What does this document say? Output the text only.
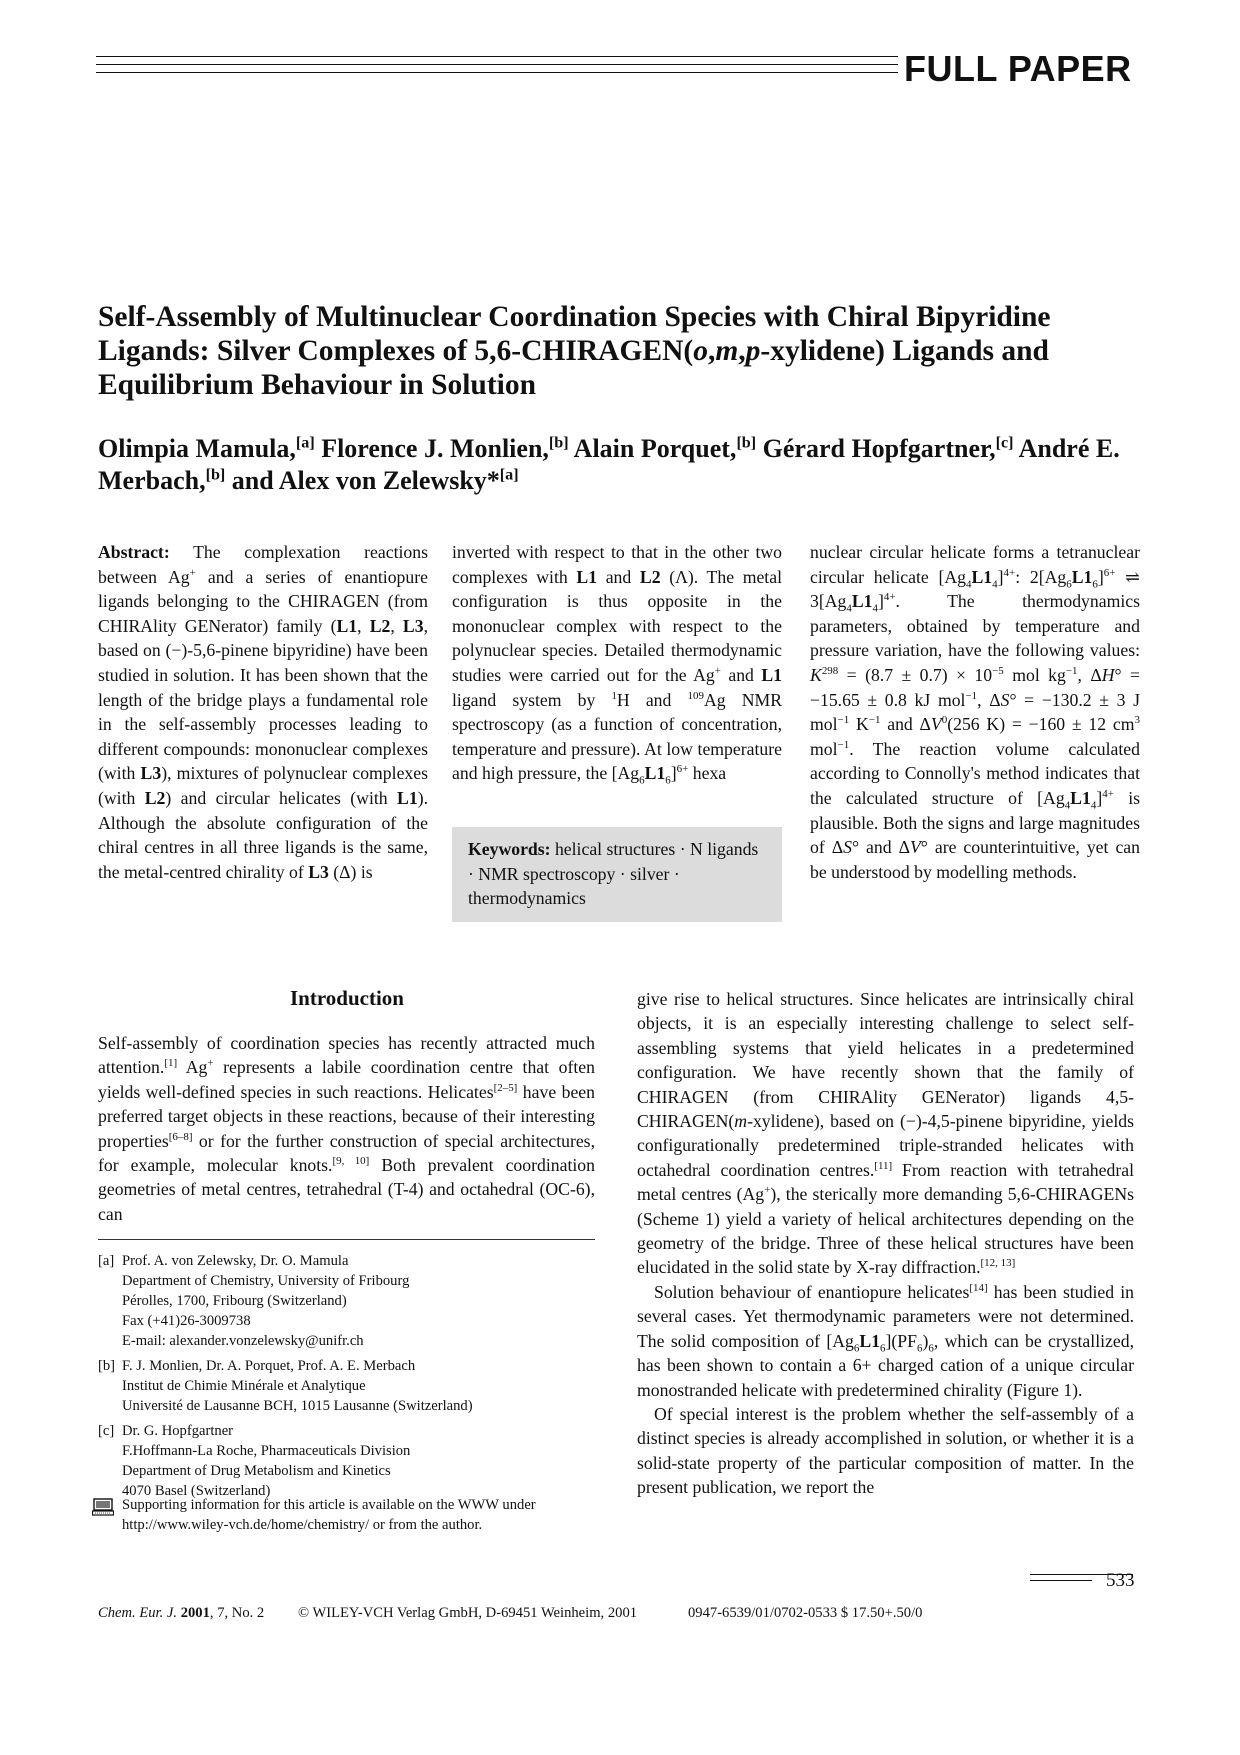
FULL PAPER
Self-Assembly of Multinuclear Coordination Species with Chiral Bipyridine Ligands: Silver Complexes of 5,6-CHIRAGEN(o,m,p-xylidene) Ligands and Equilibrium Behaviour in Solution
Olimpia Mamula,[a] Florence J. Monlien,[b] Alain Porquet,[b] Gérard Hopfgartner,[c] André E. Merbach,[b] and Alex von Zelewsky*[a]

Abstract: The complexation reactions between Ag+ and a series of enantiopure ligands belonging to the CHIRAGEN (from CHIRAlity GENerator) family (L1, L2, L3, based on (−)-5,6-pinene bipyridine) have been studied in solution. It has been shown that the length of the bridge plays a fundamental role in the self-assembly processes leading to different compounds: mononuclear complexes (with L3), mixtures of polynuclear complexes (with L2) and circular helicates (with L1). Although the absolute configuration of the chiral centres in all three ligands is the same, the metal-centred chirality of L3 (Δ) is

inverted with respect to that in the other two complexes with L1 and L2 (Λ). The metal configuration is thus opposite in the mononuclear complex with respect to the polynuclear species. Detailed thermodynamic studies were carried out for the Ag+ and L1 ligand system by $^1$H and $^{109}$Ag NMR spectroscopy (as a function of concentration, temperature and pressure). At low temperature and high pressure, the $[Ag_6L1_6]^{6+}$ hexa

Keywords: helical structures · N ligands · NMR spectroscopy · silver · thermodynamics

nuclear circular helicate forms a tetranuclear circular helicate $[Ag_4L1_4]^{4+}$: $2[Ag_6L1_6]^{6+}$ ⇌ $3[Ag_4L1_4]^{4+}$. The thermodynamics parameters, obtained by temperature and pressure variation, have the following values: $K^{298} = (8.7 \pm 0.7) \times 10^{-5}$ mol $kg^{-1}$, ΔH° = −15.65 ± 0.8 kJ mol$^{-1}$, ΔS° = −130.2 ± 3 J mol$^{-1}$ $K^{-1}$ and $\Delta V^0(256$ K) = −160 ± 12 $cm^3$ mol$^{-1}$. The reaction volume calculated according to Connolly's method indicates that the calculated structure of $[Ag_4L1_4]^{4+}$ is plausible. Both the signs and large magnitudes of ΔS° and ΔV° are counterintuitive, yet can be understood by modelling methods.

Introduction

Self-assembly of coordination species has recently attracted much attention.[1] Ag+ represents a labile coordination centre that often yields well-defined species in such reactions. Helicates[2–5] have been preferred target objects in these reactions, because of their interesting properties[6–8] or for the further construction of special architectures, for example, molecular knots.[9, 10] Both prevalent coordination geometries of metal centres, tetrahedral (T-4) and octahedral (OC-6), can

[a] Prof. A. von Zelewsky, Dr. O. Mamula
Department of Chemistry, University of Fribourg
Pérolles, 1700, Fribourg (Switzerland)
Fax (+41)26-3009738
E-mail: alexander.vonzelewsky@unifr.ch
[b] F. J. Monlien, Dr. A. Porquet, Prof. A. E. Merbach
Institut de Chimie Minérale et Analytique
Université de Lausanne BCH, 1015 Lausanne (Switzerland)
[c] Dr. G. Hopfgartner
F.Hoffmann-La Roche, Pharmaceuticals Division
Department of Drug Metabolism and Kinetics
4070 Basel (Switzerland)
Supporting information for this article is available on the WWW under http://www.wiley-vch.de/home/chemistry/ or from the author.

give rise to helical structures. Since helicates are intrinsically chiral objects, it is an especially interesting challenge to select self-assembling systems that yield helicates in a predetermined configuration. We have recently shown that the family of CHIRAGEN (from CHIRAlity GENerator) ligands 4,5-CHIRAGEN(m-xylidene), based on (−)-4,5-pinene bipyridine, yields configurationally predetermined triple-stranded helicates with octahedral coordination centres.[11] From reaction with tetrahedral metal centres (Ag+), the sterically more demanding 5,6-CHIRAGENs (Scheme 1) yield a variety of helical architectures depending on the geometry of the bridge. Three of these helical structures have been elucidated in the solid state by X-ray diffraction.[12, 13]

Solution behaviour of enantiopure helicates[14] has been studied in several cases. Yet thermodynamic parameters were not determined. The solid composition of $[Ag_6L1_6](PF_6)_6$, which can be crystallized, has been shown to contain a 6+ charged cation of a unique circular monostranded helicate with predetermined chirality (Figure 1).

Of special interest is the problem whether the self-assembly of a distinct species is already accomplished in solution, or whether it is a solid-state property of the particular composition of matter. In the present publication, we report the

Chem. Eur. J. 2001, 7, No. 2 © WILEY-VCH Verlag GmbH, D-69451 Weinheim, 2001	0947-6539/01/0702-0533 $ 17.50+.50/0
533
